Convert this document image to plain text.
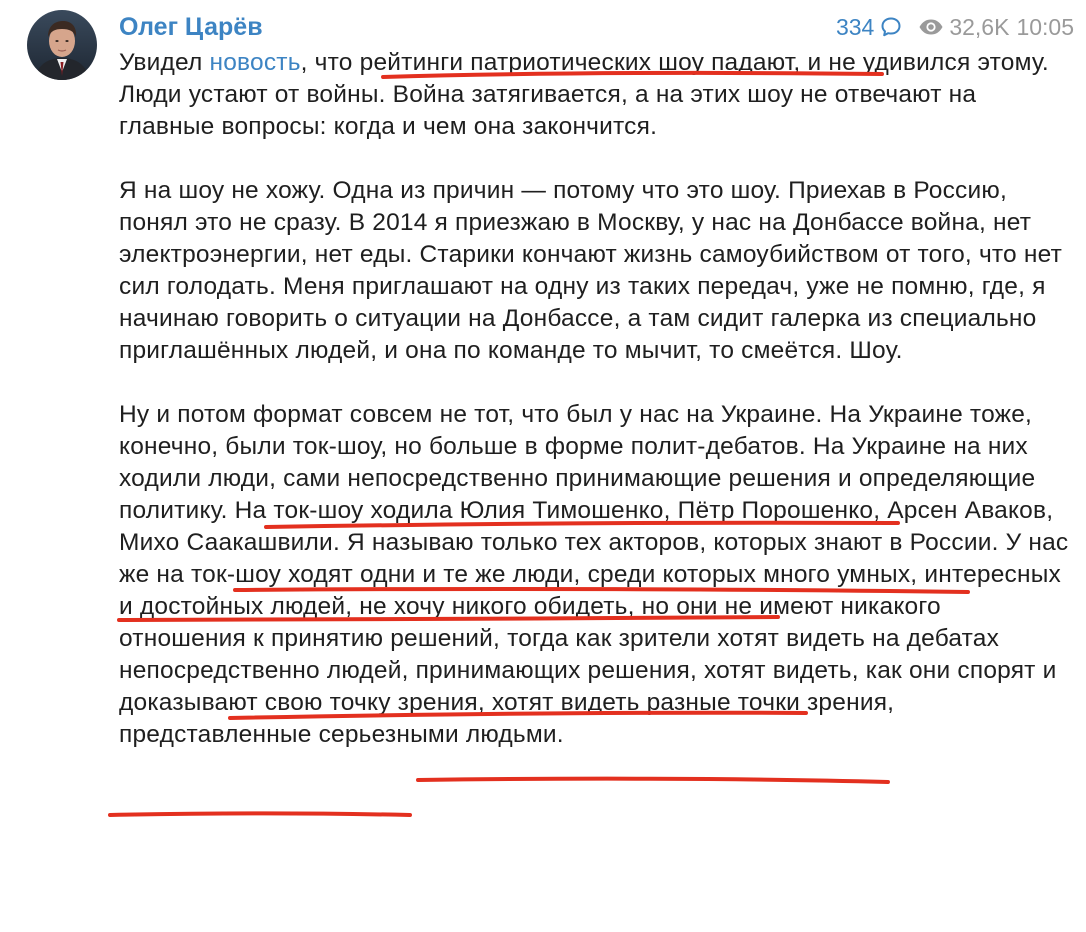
Олег Царёв	334	32,6K 10:05

Увидел новость, что рейтинги патриотических шоу падают, и не удивился этому. Люди устают от войны. Война затягивается, а на этих шоу не отвечают на главные вопросы: когда и чем она закончится.

Я на шоу не хожу. Одна из причин — потому что это шоу. Приехав в Россию, понял это не сразу. В 2014 я приезжаю в Москву, у нас на Донбассе война, нет электроэнергии, нет еды. Старики кончают жизнь самоубийством от того, что нет сил голодать. Меня приглашают на одну из таких передач, уже не помню, где, я начинаю говорить о ситуации на Донбассе, а там сидит галерка из специально приглашённых людей, и она по команде то мычит, то смеётся. Шоу.

Ну и потом формат совсем не тот, что был у нас на Украине. На Украине тоже, конечно, были ток-шоу, но больше в форме полит-дебатов. На Украине на них ходили люди, сами непосредственно принимающие решения и определяющие политику. На ток-шоу ходила Юлия Тимошенко, Пётр Порошенко, Арсен Аваков, Михо Саакашвили. Я называю только тех акторов, которых знают в России. У нас же на ток-шоу ходят одни и те же люди, среди которых много умных, интересных и достойных людей, не хочу никого обидеть, но они не имеют никакого отношения к принятию решений, тогда как зрители хотят видеть на дебатах непосредственно людей, принимающих решения, хотят видеть, как они спорят и доказывают свою точку зрения, хотят видеть разные точки зрения, представленные серьезными людьми.
